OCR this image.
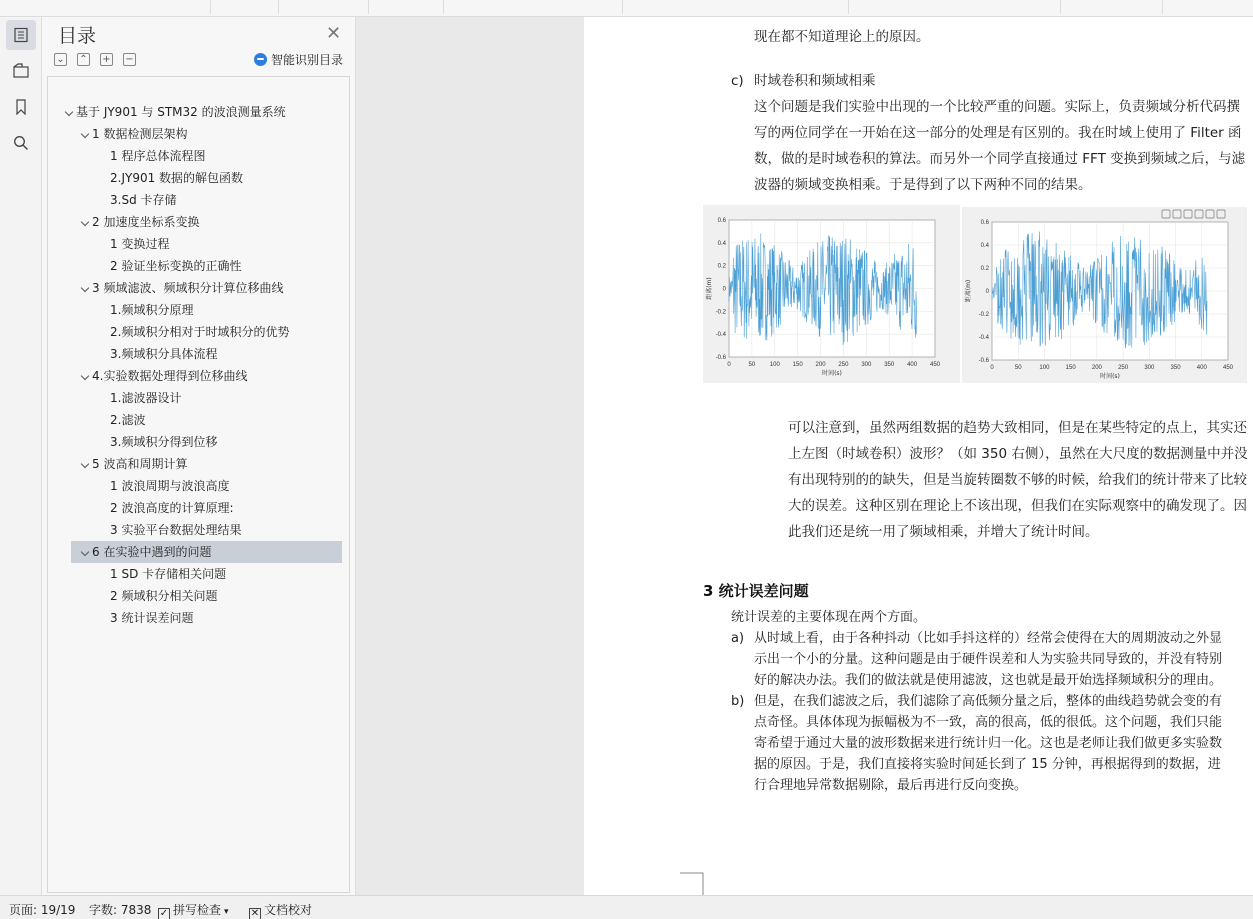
目录	✕
⌄ ⌃ + −	智能识别目录
基于 JY901 与 STM32 的波浪测量系统
1 数据检测层架构
1 程序总体流程图
2.JY901 数据的解包函数
3.Sd 卡存储
2 加速度坐标系变换
1 变换过程
2 验证坐标变换的正确性
3 频域滤波、频域积分计算位移曲线
1.频域积分原理
2.频域积分相对于时域积分的优势
3.频域积分具体流程
4.实验数据处理得到位移曲线
1.滤波器设计
2.滤波
3.频域积分得到位移
5 波高和周期计算
1 波浪周期与波浪高度
2 波浪高度的计算原理:
3 实验平台数据处理结果
6 在实验中遇到的问题
1 SD 卡存储相关问题
2 频域积分相关问题
3 统计误差问题
现在都不知道理论上的原因。
c) 时域卷积和频域相乘
这个问题是我们实验中出现的一个比较严重的问题。实际上，负责频域分析代码撰
写的两位同学在一开始在这一部分的处理是有区别的。我在时域上使用了 Filter 函
数，做的是时域卷积的算法。而另外一个同学直接通过 FFT 变换到频域之后，与滤
波器的频域变换相乘。于是得到了以下两种不同的结果。
0	50 100 150 200 250 300 350 400 450
0.6
0.4
0.2
0
-0.2
-0.4
-0.6
时间(s)
距离(m)
0	50	100	150	200	250	300	350	400	450
0.6
0.4
0.2
0
-0.2
-0.4
-0.6
时间(s)
距离(m)
可以注意到，虽然两组数据的趋势大致相同，但是在某些特定的点上，其实还
上左图（时域卷积）波形？（如 350 右侧），虽然在大尺度的数据测量中并没
有出现特别的的缺失，但是当旋转圈数不够的时候，给我们的统计带来了比较
大的误差。这种区别在理论上不该出现，但我们在实际观察中的确发现了。因
此我们还是统一用了频域相乘，并增大了统计时间。
3 统计误差问题
统计误差的主要体现在两个方面。
a) 从时域上看，由于各种抖动（比如手抖这样的）经常会使得在大的周期波动之外显
示出一个小的分量。这种问题是由于硬件误差和人为实验共同导致的，并没有特别
好的解决办法。我们的做法就是使用滤波，这也就是最开始选择频域积分的理由。
b) 但是，在我们滤波之后，我们滤除了高低频分量之后，整体的曲线趋势就会变的有
点奇怪。具体体现为振幅极为不一致，高的很高，低的很低。这个问题，我们只能
寄希望于通过大量的波形数据来进行统计归一化。这也是老师让我们做更多实验数
据的原因。于是，我们直接将实验时间延长到了 15 分钟，再根据得到的数据，进
行合理地异常数据剔除，最后再进行反向变换。
页面: 19/19 字数: 7838 ✓ 拼写检查 ▾ ✕ 文档校对
